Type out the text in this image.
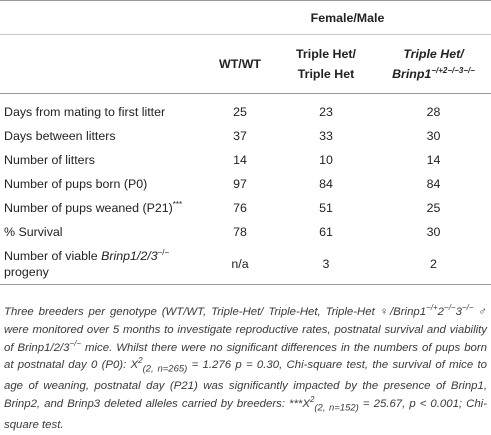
	Female/Male		
	WT/WT	Triple Het/ Triple Het	Triple Het/
$Brinp1^{-/+2-/-3-/-}$
Days from mating to first litter	25	23	28
Days between litters	37	33	30
Number of litters	14	10	14
Number of pups born (P0)	97	84	84
Number of pups weaned (P21)***	76	51	25
% Survival	78	61	30
Number of viable Brinp1/2/3−/−
progeny	n/a	3	2
Three breeders per genotype (WT/WT, Triple-Het/ Triple-Het, Triple-Het ♀/Brinp1−/+2−/−3−/− ♂ were monitored over 5 months to investigate reproductive rates, postnatal survival and viability of Brinp1/2/3−/− mice. Whilst there were no significant differences in the numbers of pups born at postnatal day 0 (P0): $X^2_{(2, n=265)} = 1.276$ p = 0.30, Chi-square test, the survival of mice to age of weaning, postnatal day (P21) was significantly impacted by the presence of Brinp1, Brinp2, and Brinp3 deleted alleles carried by breeders: $***X^2_{(2, n=152)} = 25.67$, p < 0.001; Chi-square test.
